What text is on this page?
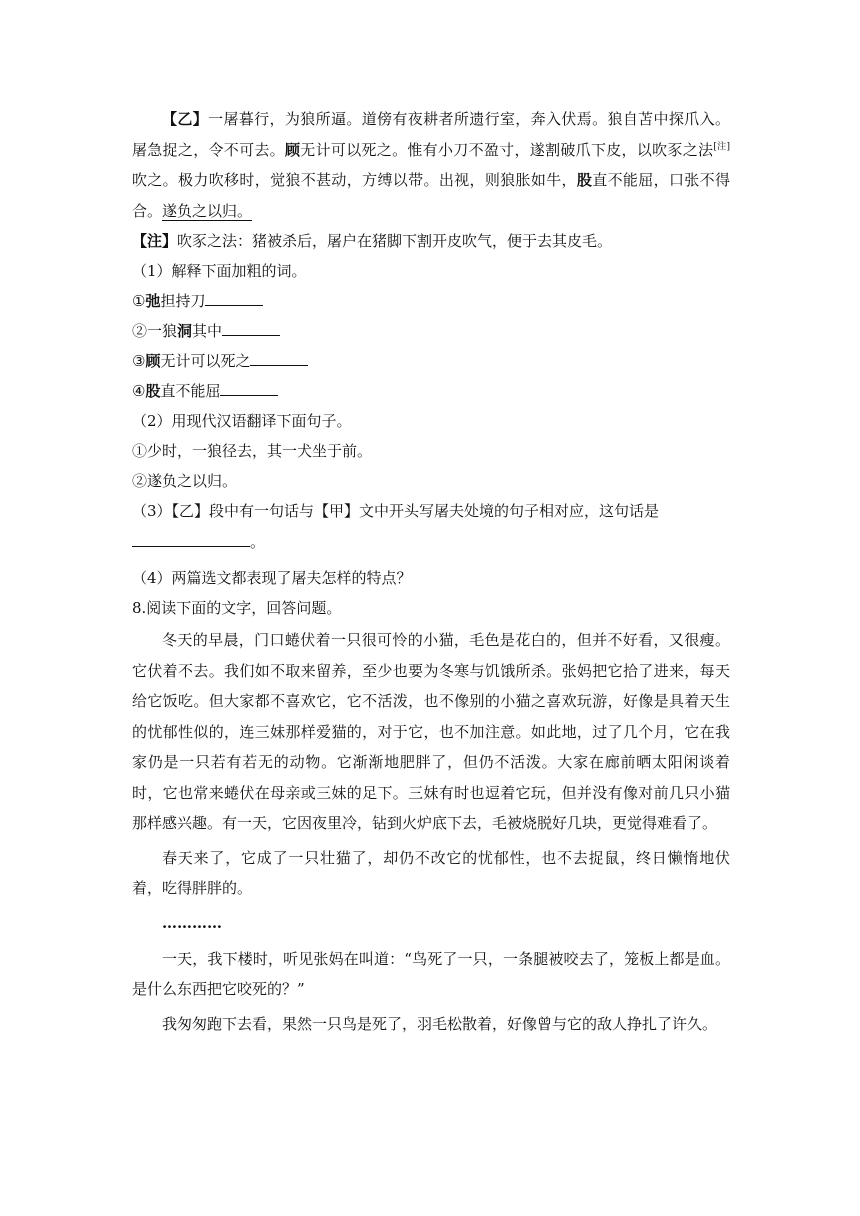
【乙】一屠暮行，为狼所逼。道傍有夜耕者所遗行室，奔入伏焉。狼自苫中探爪入。屠急捉之，令不可去。顾无计可以死之。惟有小刀不盈寸，遂割破爪下皮，以吹豕之法[注]吹之。极力吹移时，觉狼不甚动，方缚以带。出视，则狼胀如牛，股直不能屈，口张不得合。遂负之以归。

【注】吹豕之法：猪被杀后，屠户在猪脚下割开皮吹气，便于去其皮毛。
（1）解释下面加粗的词。
①弛担持刀
②一狼洞其中
③顾无计可以死之
④股直不能屈
（2）用现代汉语翻译下面句子。
①少时，一狼径去，其一犬坐于前。
②遂负之以归。

（3）【乙】段中有一句话与【甲】文中开头写屠夫处境的句子相对应，这句话是
。

（4）两篇选文都表现了屠夫怎样的特点？
8.阅读下面的文字，回答问题。

冬天的早晨，门口蜷伏着一只很可怜的小猫，毛色是花白的，但并不好看，又很瘦。它伏着不去。我们如不取来留养，至少也要为冬寒与饥饿所杀。张妈把它拾了进来，每天给它饭吃。但大家都不喜欢它，它不活泼，也不像别的小猫之喜欢玩游，好像是具着天生的忧郁性似的，连三妹那样爱猫的，对于它，也不加注意。如此地，过了几个月，它在我家仍是一只若有若无的动物。它渐渐地肥胖了，但仍不活泼。大家在廊前晒太阳闲谈着时，它也常来蜷伏在母亲或三妹的足下。三妹有时也逗着它玩，但并没有像对前几只小猫那样感兴趣。有一天，它因夜里冷，钻到火炉底下去，毛被烧脱好几块，更觉得难看了。

春天来了，它成了一只壮猫了，却仍不改它的忧郁性，也不去捉鼠，终日懒惰地伏着，吃得胖胖的。

…………

一天，我下楼时，听见张妈在叫道：“鸟死了一只，一条腿被咬去了，笼板上都是血。是什么东西把它咬死的？”

我匆匆跑下去看，果然一只鸟是死了，羽毛松散着，好像曾与它的敌人挣扎了许久。
